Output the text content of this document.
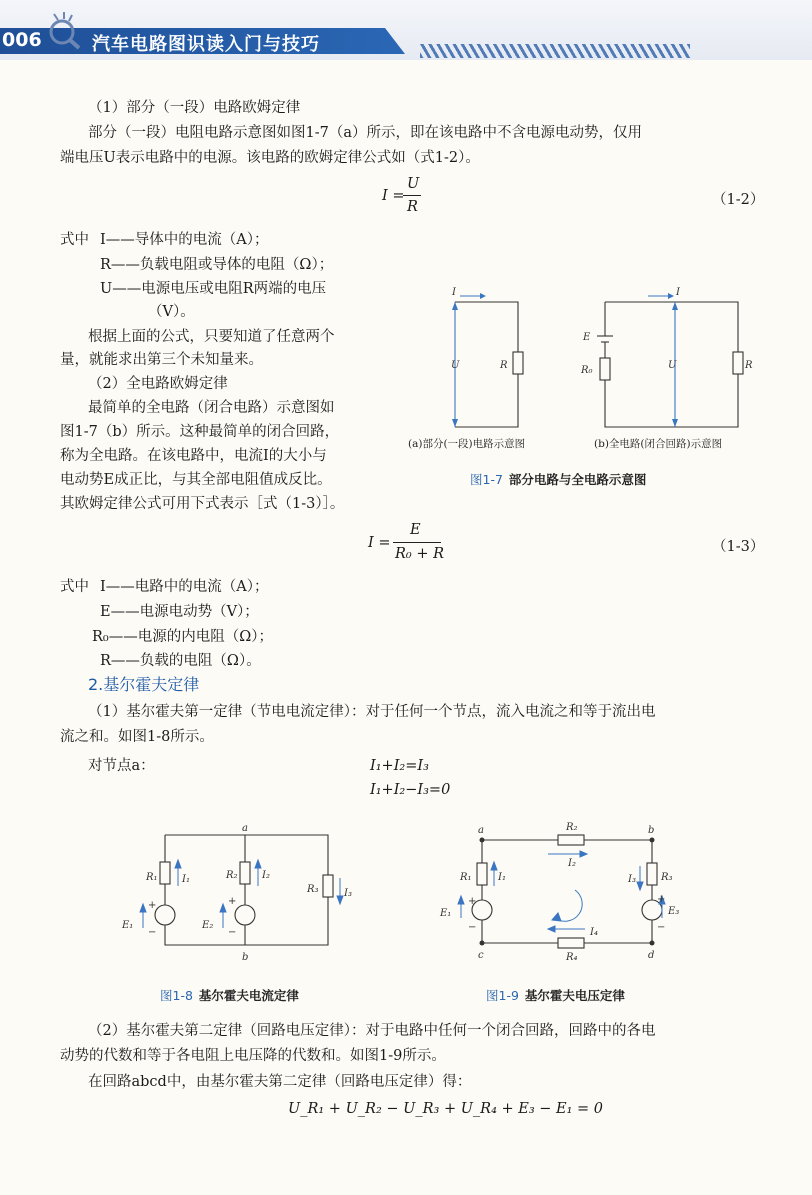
006	汽车电路图识读入门与技巧
（1）部分（一段）电路欧姆定律
部分（一段）电阻电路示意图如图1-7（a）所示，即在该电路中不含电源电动势，仅用
端电压U表示电路中的电源。该电路的欧姆定律公式如（式1-2）。
I =
U
R	（1-2）
式中 I——导体中的电流（A）；
R——负载电阻或导体的电阻（Ω）；
U——电源电压或电阻R两端的电压
（V）。
根据上面的公式，只要知道了任意两个
量，就能求出第三个未知量来。
（2）全电路欧姆定律
最简单的全电路（闭合电路）示意图如
图1-7（b）所示。这种最简单的闭合回路，
称为全电路。在该电路中，电流I的大小与
电动势E成正比，与其全部电阻值成反比。
其欧姆定律公式可用下式表示［式（1-3）］。
I
U	R
I
E
R₀	U	R
(a)部分(一段)电路示意图	(b)全电路(闭合回路)示意图
图1-7 部分电路与全电路示意图
I =
E
R₀ + R	（1-3）
式中 I——电路中的电流（A）；
E——电源电动势（V）；
R₀——电源的内电阻（Ω）；
R——负载的电阻（Ω）。
2.基尔霍夫定律
（1）基尔霍夫第一定律（节电电流定律）：对于任何一个节点，流入电流之和等于流出电
流之和。如图1-8所示。
对节点a：	I₁+I₂=I₃
I₁+I₂−I₃=0
a
b
R₁ I₁	R₂ I₂
R₃	I₃
E₁	E₂
+
−
+
−
图1-8 基尔霍夫电流定律
a	b
c	d
R₂
I₂
I₄
R₄
R₁	I₁	I₃	R₃
E₃
E₁
+
−
+
−
图1-9 基尔霍夫电压定律
（2）基尔霍夫第二定律（回路电压定律）：对于电路中任何一个闭合回路，回路中的各电
动势的代数和等于各电阻上电压降的代数和。如图1-9所示。
在回路abcd中，由基尔霍夫第二定律（回路电压定律）得：
U_R₁ + U_R₂ − U_R₃ + U_R₄ + E₃ − E₁ = 0
